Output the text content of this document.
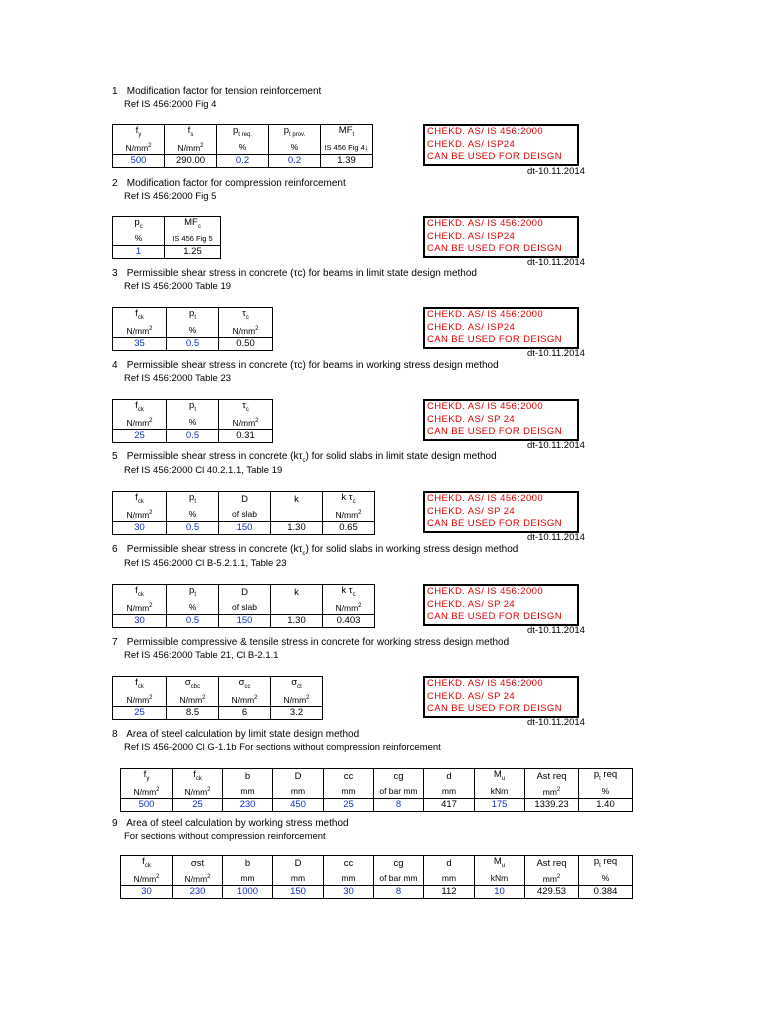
1 Modification factor for tension reinforcement
Ref IS 456:2000 Fig 4
$f_y$	$f_s$	$p_{t req.}$	$p_{t prov.}$	$MF_t$
$N/mm^2$	$N/mm^2$	%	%	IS 456 Fig 4↓
500	290.00	0.2	0.2	1.39
CHEKD. AS/ IS 456:2000
CHEKD. AS/ ISP24
CAN BE USED FOR DEISGN
dt-10.11.2014
2 Modification factor for compression reinforcement
Ref IS 456:2000 Fig 5
$p_c$	$MF_c$
%	IS 456 Fig 5
1	1.25
CHEKD. AS/ IS 456:2000
CHEKD. AS/ ISP24
CAN BE USED FOR DEISGN
dt-10.11.2014
3 Permissible shear stress in concrete (τc) for beams in limit state design method
Ref IS 456:2000 Table 19
$f_{ck}$	$p_t$	$\tau_c$
$N/mm^2$	%	$N/mm^2$
35	0.5	0.50
CHEKD. AS/ IS 456:2000
CHEKD. AS/ ISP24
CAN BE USED FOR DEISGN
dt-10.11.2014
4 Permissible shear stress in concrete (τc) for beams in working stress design method
Ref IS 456:2000 Table 23
$f_{ck}$	$p_t$	$\tau_c$
$N/mm^2$	%	$N/mm^2$
25	0.5	0.31
CHEKD. AS/ IS 456:2000
CHEKD. AS/ SP 24
CAN BE USED FOR DEISGN
dt-10.11.2014
5 Permissible shear stress in concrete $(k\tau_c)$ for solid slabs in limit state design method
Ref IS 456:2000 Cl 40.2.1.1, Table 19
$f_{ck}$	$p_t$	D	k	k $\tau_c$
$N/mm^2$	%	of slab		$N/mm^2$
30	0.5	150	1.30	0.65
CHEKD. AS/ IS 456:2000
CHEKD. AS/ SP 24
CAN BE USED FOR DEISGN
dt-10.11.2014
6 Permissible shear stress in concrete $(k\tau_c)$ for solid slabs in working stress design method
Ref IS 456:2000 Cl B-5.2.1.1, Table 23
$f_{ck}$	$p_t$	D	k	k $\tau_c$
$N/mm^2$	%	of slab		$N/mm^2$
30	0.5	150	1.30	0.403
CHEKD. AS/ IS 456:2000
CHEKD. AS/ SP 24
CAN BE USED FOR DEISGN
dt-10.11.2014
7 Permissible compressive & tensile stress in concrete for working stress design method
Ref IS 456:2000 Table 21, Cl B-2.1.1
$f_{ck}$	$\sigma_{cbc}$	$\sigma_{cc}$	$\sigma_{ct}$
$N/mm^2$	$N/mm^2$	$N/mm^2$	$N/mm^2$
25	8.5	6	3.2
CHEKD. AS/ IS 456:2000
CHEKD. AS/ SP 24
CAN BE USED FOR DEISGN
dt-10.11.2014
8 Area of steel calculation by limit state design method
Ref IS 456-2000 Cl G-1.1b For sections without compression reinforcement
$f_y$	$f_{ck}$	b	D	cc	cg	d	$M_u$	Ast req	$p_t$ req
$N/mm^2$	$N/mm^2$	mm	mm	mm	of bar mm	mm	kNm	$mm^2$	%
500	25	230	450	25	8	417	175	1339.23	1.40
9 Area of steel calculation by working stress method
For sections without compression reinforcement
$f_{ck}$	σst	b	D	cc	cg	d	$M_u$	Ast req	$p_t$ req
$N/mm^2$	$N/mm^2$	mm	mm	mm	of bar mm	mm	kNm	$mm^2$	%
30	230	1000	150	30	8	112	10	429.53	0.384
